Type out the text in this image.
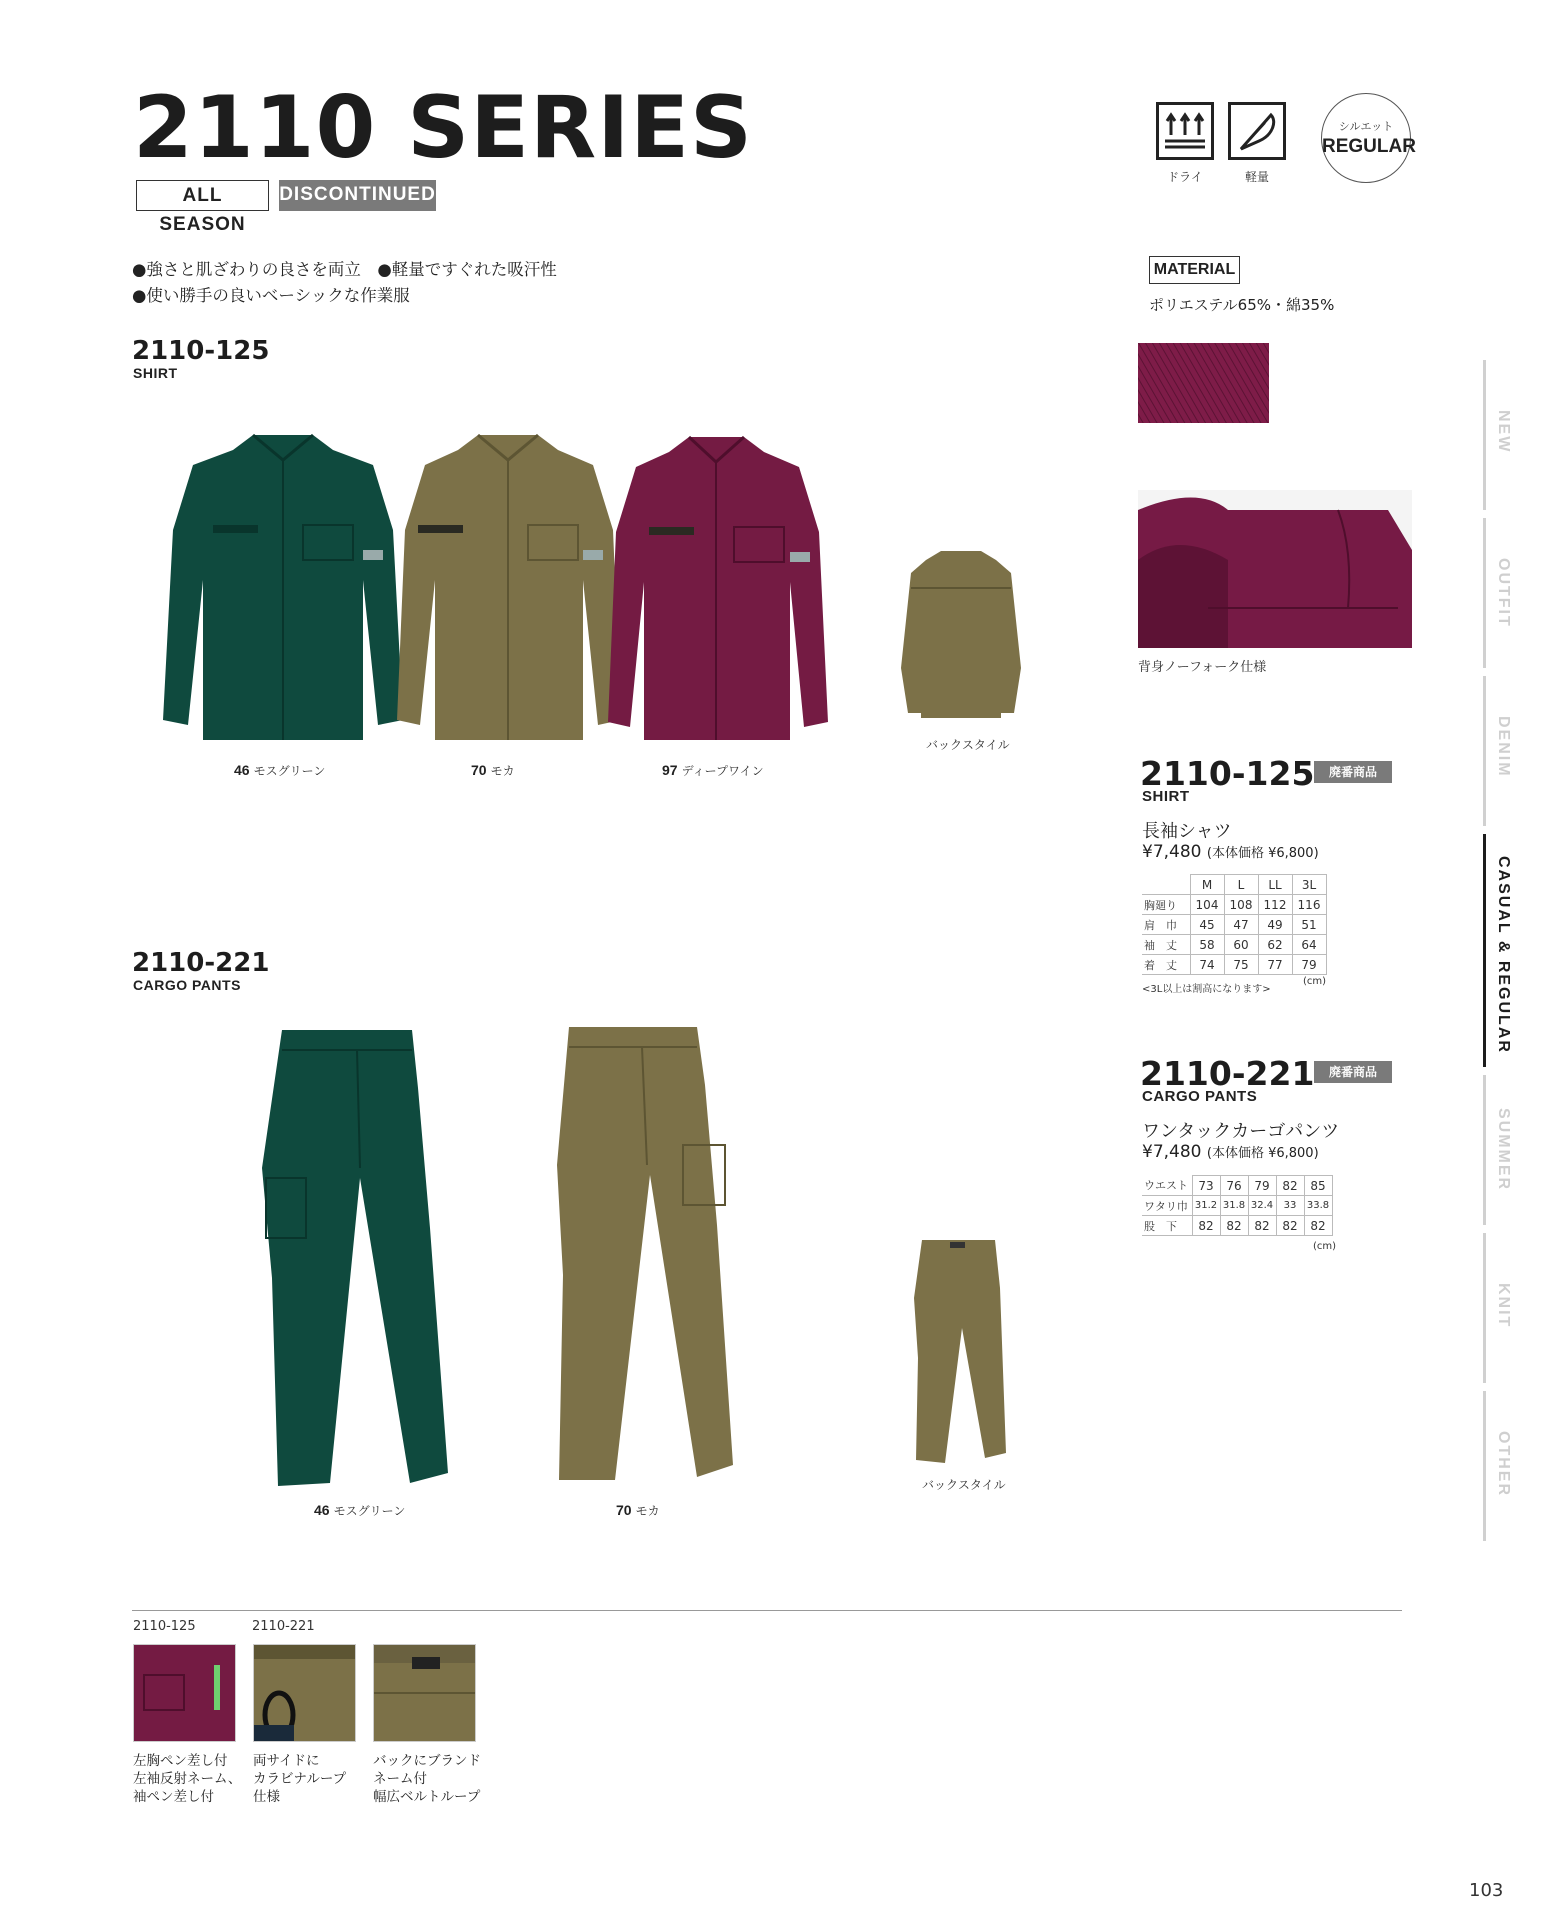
2110 SERIES
ALL SEASON
DISCONTINUED
ドライ	軽量
シルエット
REGULAR
●強さと肌ざわりの良さを両立　●軽量ですぐれた吸汗性
●使い勝手の良いベーシックな作業服
MATERIAL
ポリエステル65%・綿35%
背身ノーフォーク仕様
2110-125
SHIRT
バックスタイル
46 モスグリーン	70 モカ	97 ディープワイン
2110-221
CARGO PANTS
バックスタイル
46 モスグリーン	70 モカ
2110-125	廃番商品
SHIRT
長袖シャツ
¥7,480 (本体価格 ¥6,800)
	M	L	LL	3L
胸廻り	104	108	112	116
肩　巾	45	47	49	51
袖　丈	58	60	62	64
着　丈	74	75	77	79
<3L以上は割高になります>
(cm)
2110-221	廃番商品
CARGO PANTS
ワンタックカーゴパンツ
¥7,480 (本体価格 ¥6,800)
ウエスト	73	76	79	82	85
ワタリ巾	31.2	31.8	32.4	33	33.8
股　下	82	82	82	82	82
(cm)
NEW
OUTFIT
DENIM
CASUAL & REGULAR
SUMMER
KNIT
OTHER
2110-125	2110-221
左胸ペン差し付
左袖反射ネーム、
袖ペン差し付
両サイドに
カラビナループ
仕様
バックにブランド
ネーム付
幅広ベルトループ
103
